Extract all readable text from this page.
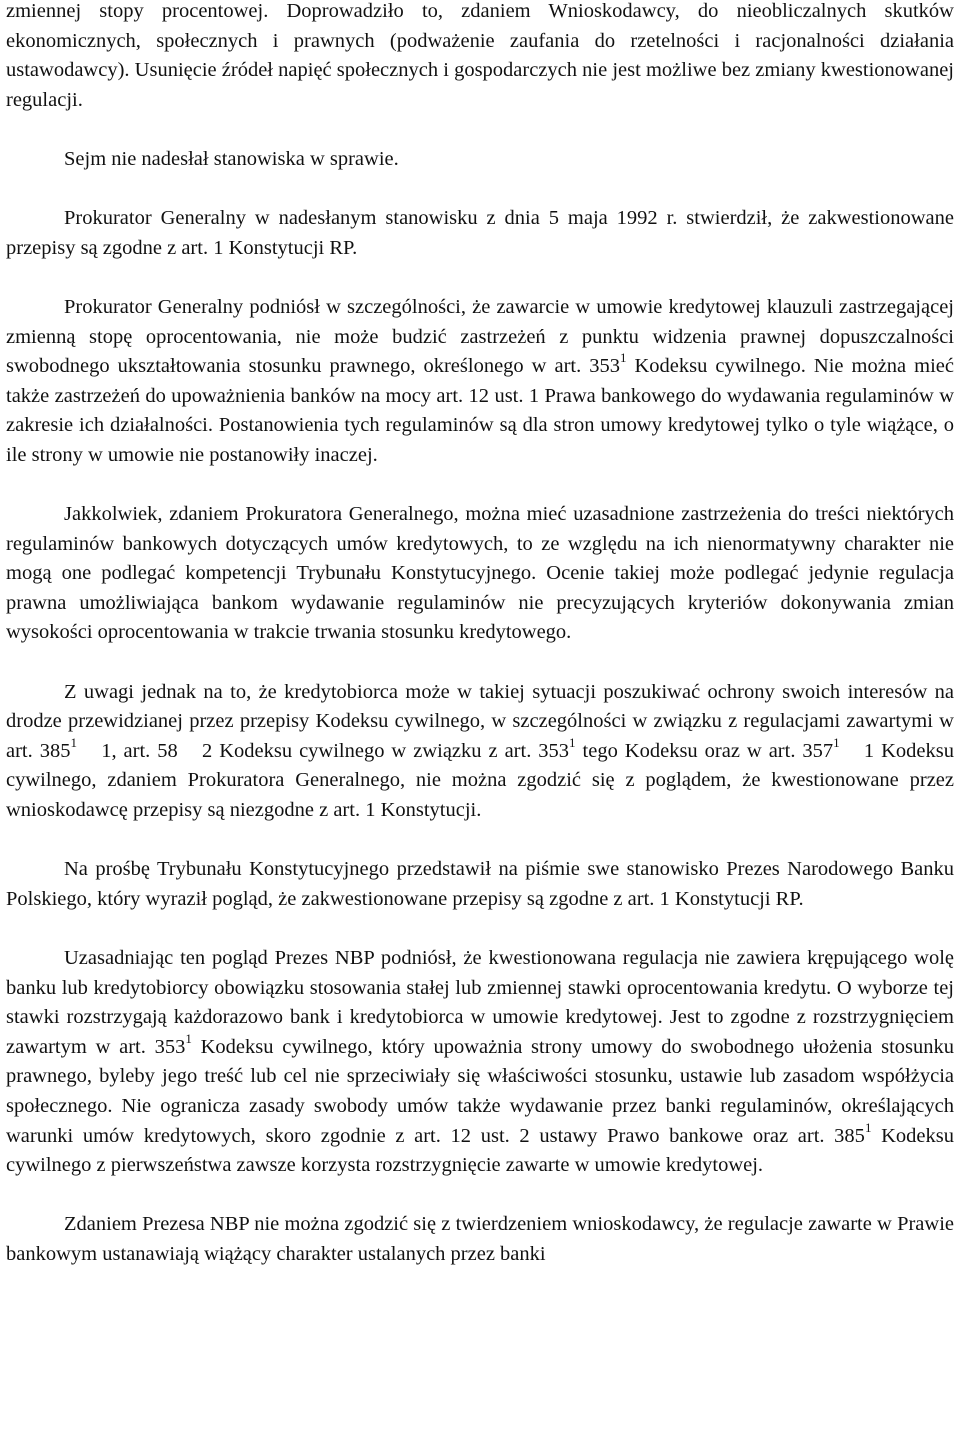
zmiennej stopy procentowej. Doprowadziło to, zdaniem Wnioskodawcy, do nieobliczalnych skutków ekonomicznych, społecznych i prawnych (podważenie zaufania do rzetelności i racjonalności działania ustawodawcy). Usunięcie źródeł napięć społecznych i gospodarczych nie jest możliwe bez zmiany kwestionowanej regulacji.

Sejm nie nadesłał stanowiska w sprawie.

Prokurator Generalny w nadesłanym stanowisku z dnia 5 maja 1992 r. stwierdził, że zakwestionowane przepisy są zgodne z art. 1 Konstytucji RP.

Prokurator Generalny podniósł w szczególności, że zawarcie w umowie kredytowej klauzuli zastrzegającej zmienną stopę oprocentowania, nie może budzić zastrzeżeń z punktu widzenia prawnej dopuszczalności swobodnego ukształtowania stosunku prawnego, określonego w art. $353^1$ Kodeksu cywilnego. Nie można mieć także zastrzeżeń do upoważnienia banków na mocy art. 12 ust. 1 Prawa bankowego do wydawania regulaminów w zakresie ich działalności. Postanowienia tych regulaminów są dla stron umowy kredytowej tylko o tyle wiążące, o ile strony w umowie nie postanowiły inaczej.

Jakkolwiek, zdaniem Prokuratora Generalnego, można mieć uzasadnione zastrzeżenia do treści niektórych regulaminów bankowych dotyczących umów kredytowych, to ze względu na ich nienormatywny charakter nie mogą one podlegać kompetencji Trybunału Konstytucyjnego. Ocenie takiej może podlegać jedynie regulacja prawna umożliwiająca bankom wydawanie regulaminów nie precyzujących kryteriów dokonywania zmian wysokości oprocentowania w trakcie trwania stosunku kredytowego.

Z uwagi jednak na to, że kredytobiorca może w takiej sytuacji poszukiwać ochrony swoich interesów na drodze przewidzianej przez przepisy Kodeksu cywilnego, w szczególności w związku z regulacjami zawartymi w art. $385^1$   1, art. 58   2 Kodeksu cywilnego w związku z art. $353^1$ tego Kodeksu oraz w art. $357^1$   1 Kodeksu cywilnego, zdaniem Prokuratora Generalnego, nie można zgodzić się z poglądem, że kwestionowane przez wnioskodawcę przepisy są niezgodne z art. 1 Konstytucji.

Na prośbę Trybunału Konstytucyjnego przedstawił na piśmie swe stanowisko Prezes Narodowego Banku Polskiego, który wyraził pogląd, że zakwestionowane przepisy są zgodne z art. 1 Konstytucji RP.

Uzasadniając ten pogląd Prezes NBP podniósł, że kwestionowana regulacja nie zawiera krępującego wolę banku lub kredytobiorcy obowiązku stosowania stałej lub zmiennej stawki oprocentowania kredytu. O wyborze tej stawki rozstrzygają każdorazowo bank i kredytobiorca w umowie kredytowej. Jest to zgodne z rozstrzygnięciem zawartym w art. $353^1$ Kodeksu cywilnego, który upoważnia strony umowy do swobodnego ułożenia stosunku prawnego, byleby jego treść lub cel nie sprzeciwiały się właściwości stosunku, ustawie lub zasadom współżycia społecznego. Nie ogranicza zasady swobody umów także wydawanie przez banki regulaminów, określających warunki umów kredytowych, skoro zgodnie z art. 12 ust. 2 ustawy Prawo bankowe oraz art. $385^1$ Kodeksu cywilnego z pierwszeństwa zawsze korzysta rozstrzygnięcie zawarte w umowie kredytowej.

Zdaniem Prezesa NBP nie można zgodzić się z twierdzeniem wnioskodawcy, że regulacje zawarte w Prawie bankowym ustanawiają wiążący charakter ustalanych przez banki
